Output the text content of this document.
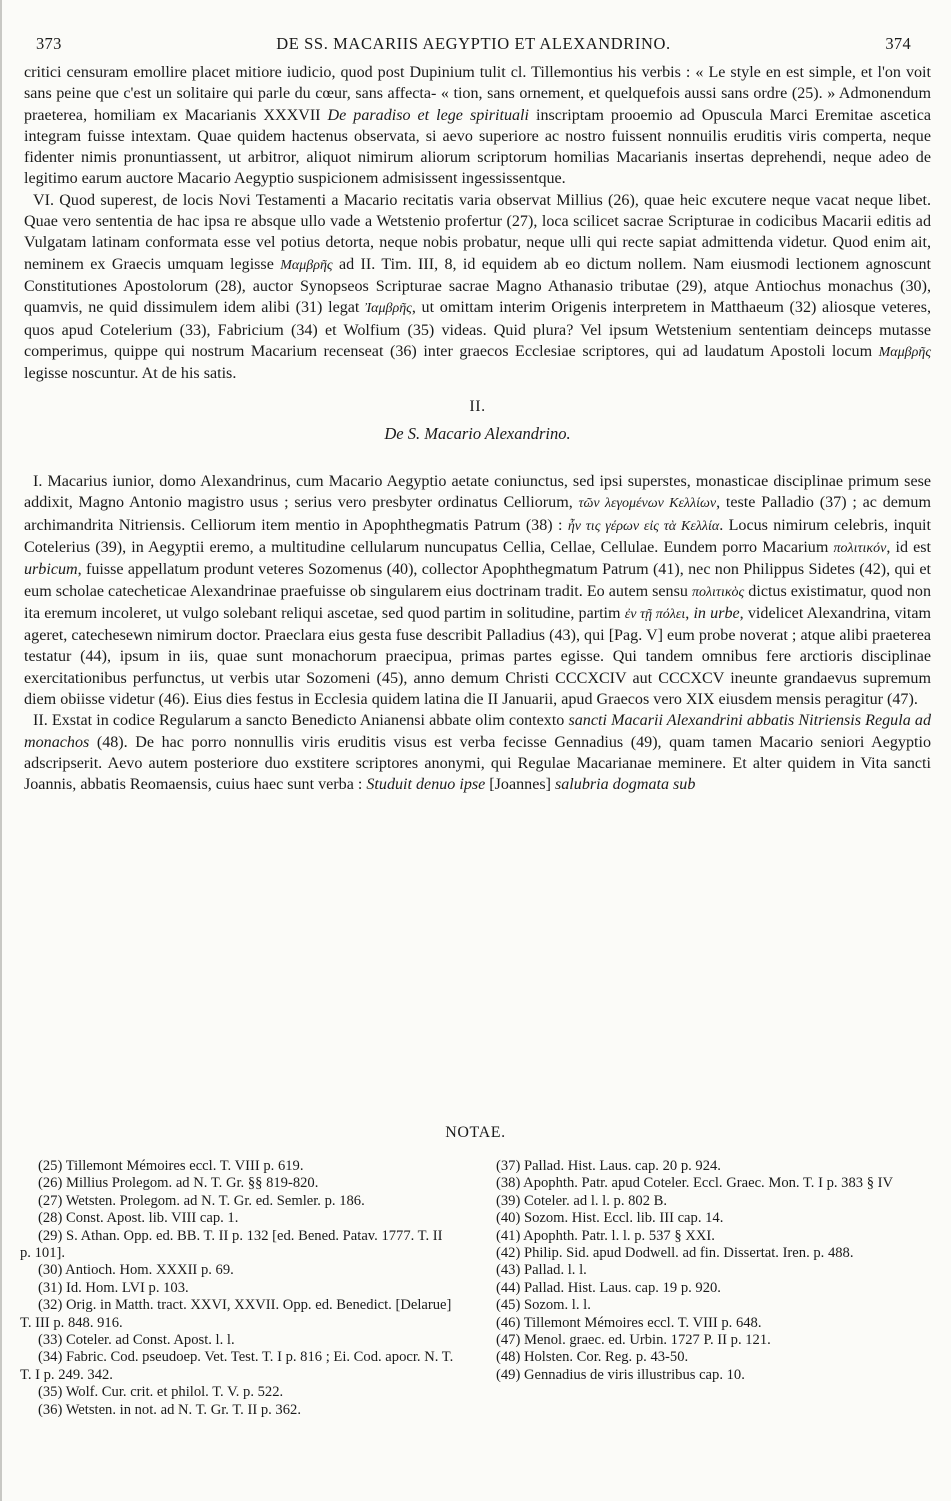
373	DE SS. MACARIIS AEGYPTIO ET ALEXANDRINO.	374

critici censuram emollire placet mitiore iudicio, quod post Dupinium tulit cl. Tillemontius his verbis : « Le style en est simple, et l'on voit sans peine que c'est un solitaire qui parle du cœur, sans affecta- « tion, sans ornement, et quelquefois aussi sans ordre (25). » Admonendum praeterea, homiliam ex Macarianis XXXVII De paradiso et lege spirituali inscriptam prooemio ad Opuscula Marci Eremitae ascetica integram fuisse intextam. Quae quidem hactenus observata, si aevo superiore ac nostro fuissent nonnuilis eruditis viris comperta, neque fidenter nimis pronuntiassent, ut arbitror, aliquot nimirum aliorum scriptorum homilias Macarianis insertas deprehendi, neque adeo de legitimo earum auctore Macario Aegyptio suspicionem admisissent ingessissentque.

VI. Quod superest, de locis Novi Testamenti a Macario recitatis varia observat Millius (26), quae heic excutere neque vacat neque libet. Quae vero sententia de hac ipsa re absque ullo vade a Wetstenio profertur (27), loca scilicet sacrae Scripturae in codicibus Macarii editis ad Vulgatam latinam conformata esse vel potius detorta, neque nobis probatur, neque ulli qui recte sapiat admittenda videtur. Quod enim ait, neminem ex Graecis umquam legisse Μαμβρῆς ad II. Tim. III, 8, id equidem ab eo dictum nollem. Nam eiusmodi lectionem agnoscunt Constitutiones Apostolorum (28), auctor Synopseos Scripturae sacrae Magno Athanasio tributae (29), atque Antiochus monachus (30), quamvis, ne quid dissimulem idem alibi (31) legat Ἰαμβρῆς, ut omittam interim Origenis interpretem in Matthaeum (32) aliosque veteres, quos apud Cotelerium (33), Fabricium (34) et Wolfium (35) videas. Quid plura? Vel ipsum Wetstenium sententiam deinceps mutasse comperimus, quippe qui nostrum Macarium recenseat (36) inter graecos Ecclesiae scriptores, qui ad laudatum Apostoli locum Μαμβρῆς legisse noscuntur. At de his satis.

II.
De S. Macario Alexandrino.

I. Macarius iunior, domo Alexandrinus, cum Macario Aegyptio aetate coniunctus, sed ipsi superstes, monasticae disciplinae primum sese addixit, Magno Antonio magistro usus ; serius vero presbyter ordinatus Celliorum, τῶν λεγομένων Κελλίων, teste Palladio (37) ; ac demum archimandrita Nitriensis. Celliorum item mentio in Apophthegmatis Patrum (38) : ἦν τις γέρων εἰς τὰ Κελλία. Locus nimirum celebris, inquit Cotelerius (39), in Aegyptii eremo, a multitudine cellularum nuncupatus Cellia, Cellae, Cellulae. Eundem porro Macarium πολιτικόν, id est urbicum, fuisse appellatum produnt veteres Sozomenus (40), collector Apophthegmatum Patrum (41), nec non Philippus Sidetes (42), qui et eum scholae catecheticae Alexandrinae praefuisse ob singularem eius doctrinam tradit. Eo autem sensu πολιτικὸς dictus existimatur, quod non ita eremum incoleret, ut vulgo solebant reliqui ascetae, sed quod partim in solitudine, partim ἐν τῇ πόλει, in urbe, videlicet Alexandrina, vitam ageret, catechesewn nimirum doctor. Praeclara eius gesta fuse describit Palladius (43), qui [Pag. V] eum probe noverat ; atque alibi praeterea testatur (44), ipsum in iis, quae sunt monachorum praecipua, primas partes egisse. Qui tandem omnibus fere arctioris disciplinae exercitationibus perfunctus, ut verbis utar Sozomeni (45), anno demum Christi CCCXCIV aut CCCXCV ineunte grandaevus supremum diem obiisse videtur (46). Eius dies festus in Ecclesia quidem latina die II Januarii, apud Graecos vero XIX eiusdem mensis peragitur (47).

II. Exstat in codice Regularum a sancto Benedicto Anianensi abbate olim contexto sancti Macarii Alexandrini abbatis Nitriensis Regula ad monachos (48). De hac porro nonnullis viris eruditis visus est verba fecisse Gennadius (49), quam tamen Macario seniori Aegyptio adscripserit. Aevo autem posteriore duo exstitere scriptores anonymi, qui Regulae Macarianae meminere. Et alter quidem in Vita sancti Joannis, abbatis Reomaensis, cuius haec sunt verba : Studuit denuo ipse [Joannes] salubria dogmata sub

NOTAE.

(25) Tillemont Mémoires eccl. T. VIII p. 619.

(26) Millius Prolegom. ad N. T. Gr. §§ 819-820.

(27) Wetsten. Prolegom. ad N. T. Gr. ed. Semler. p. 186.

(28) Const. Apost. lib. VIII cap. 1.

(29) S. Athan. Opp. ed. BB. T. II p. 132 [ed. Bened. Patav. 1777. T. II p. 101].

(30) Antioch. Hom. XXXII p. 69.

(31) Id. Hom. LVI p. 103.

(32) Orig. in Matth. tract. XXVI, XXVII. Opp. ed. Benedict. [Delarue] T. III p. 848. 916.

(33) Coteler. ad Const. Apost. l. l.

(34) Fabric. Cod. pseudoep. Vet. Test. T. I p. 816 ; Ei. Cod. apocr. N. T. T. I p. 249. 342.

(35) Wolf. Cur. crit. et philol. T. V. p. 522.

(36) Wetsten. in not. ad N. T. Gr. T. II p. 362.

(37) Pallad. Hist. Laus. cap. 20 p. 924.

(38) Apophth. Patr. apud Coteler. Eccl. Graec. Mon. T. I p. 383 § IV

(39) Coteler. ad l. l. p. 802 B.

(40) Sozom. Hist. Eccl. lib. III cap. 14.

(41) Apophth. Patr. l. l. p. 537 § XXI.

(42) Philip. Sid. apud Dodwell. ad fin. Dissertat. Iren. p. 488.

(43) Pallad. l. l.

(44) Pallad. Hist. Laus. cap. 19 p. 920.

(45) Sozom. l. l.

(46) Tillemont Mémoires eccl. T. VIII p. 648.

(47) Menol. graec. ed. Urbin. 1727 P. II p. 121.

(48) Holsten. Cor. Reg. p. 43-50.

(49) Gennadius de viris illustribus cap. 10.
